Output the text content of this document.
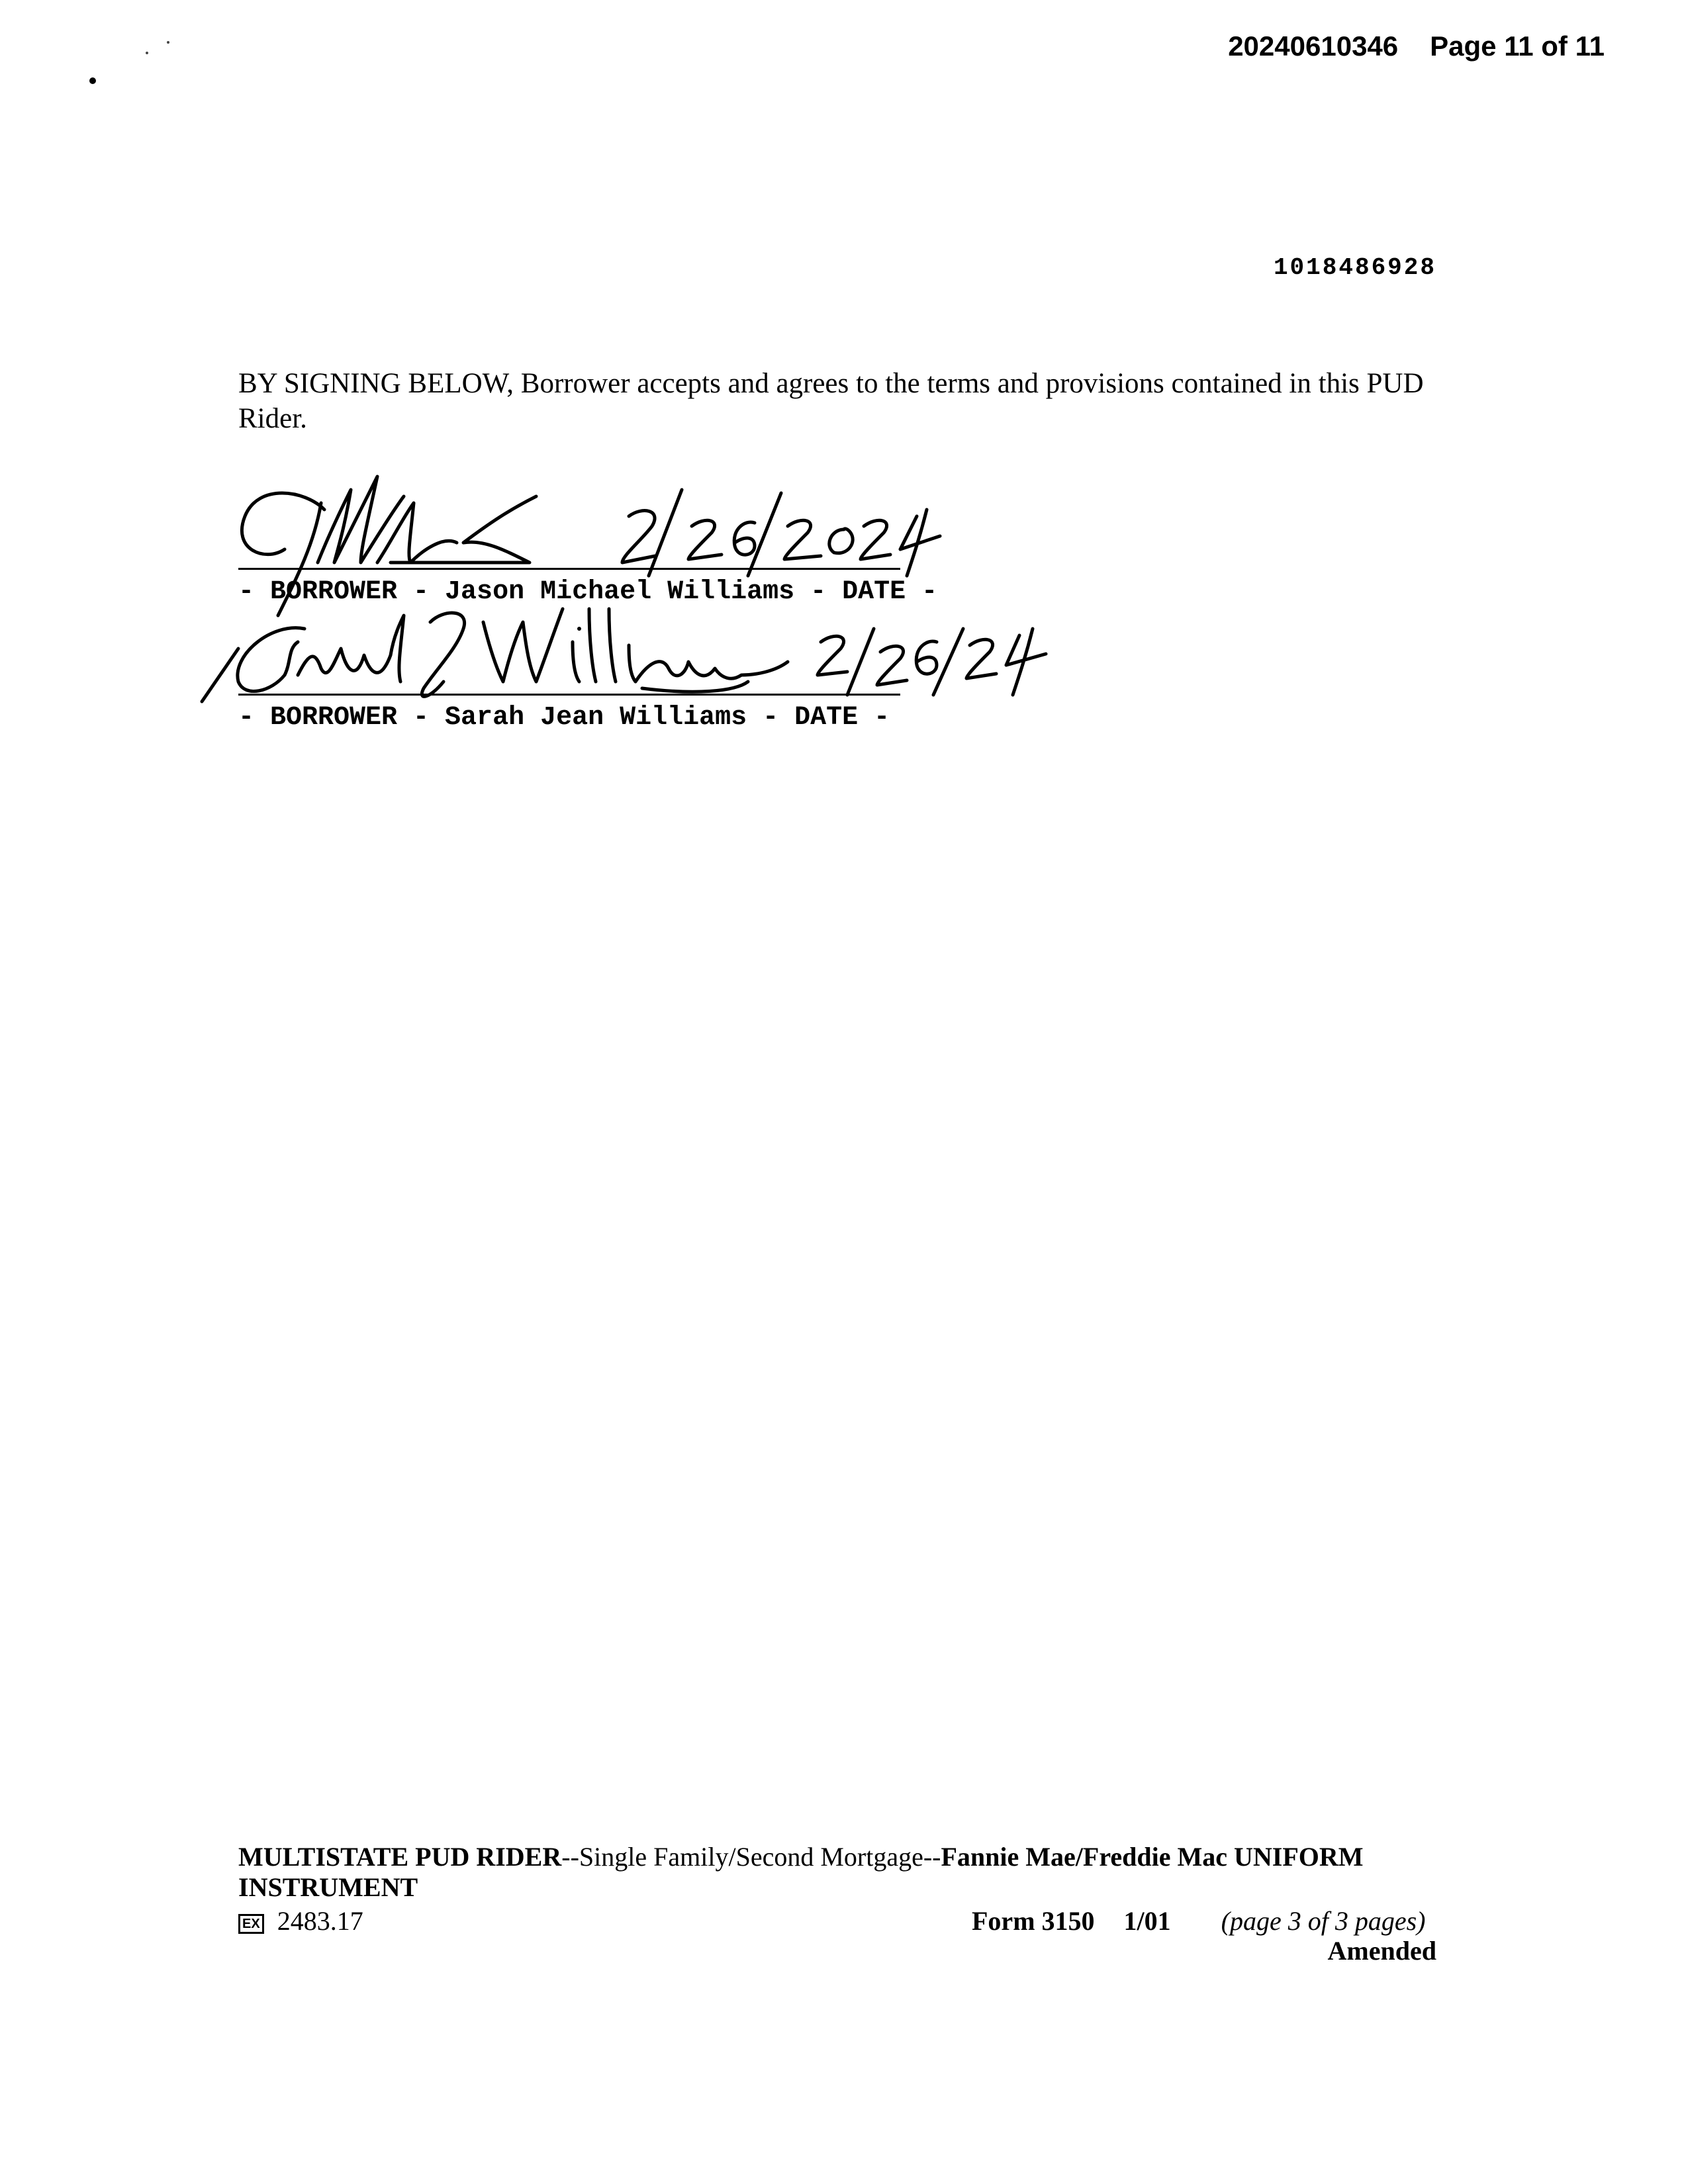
20240610346 Page 11 of 11
1018486928
BY SIGNING BELOW, Borrower accepts and agrees to the terms and provisions contained in this PUD Rider.
- BORROWER - Jason Michael Williams - DATE -
- BORROWER - Sarah Jean Williams - DATE -
MULTISTATE PUD RIDER--Single Family/Second Mortgage--Fannie Mae/Freddie Mac UNIFORM INSTRUMENT
EX 2483.17	Form 3150 1/01 (page 3 of 3 pages)
Amended
